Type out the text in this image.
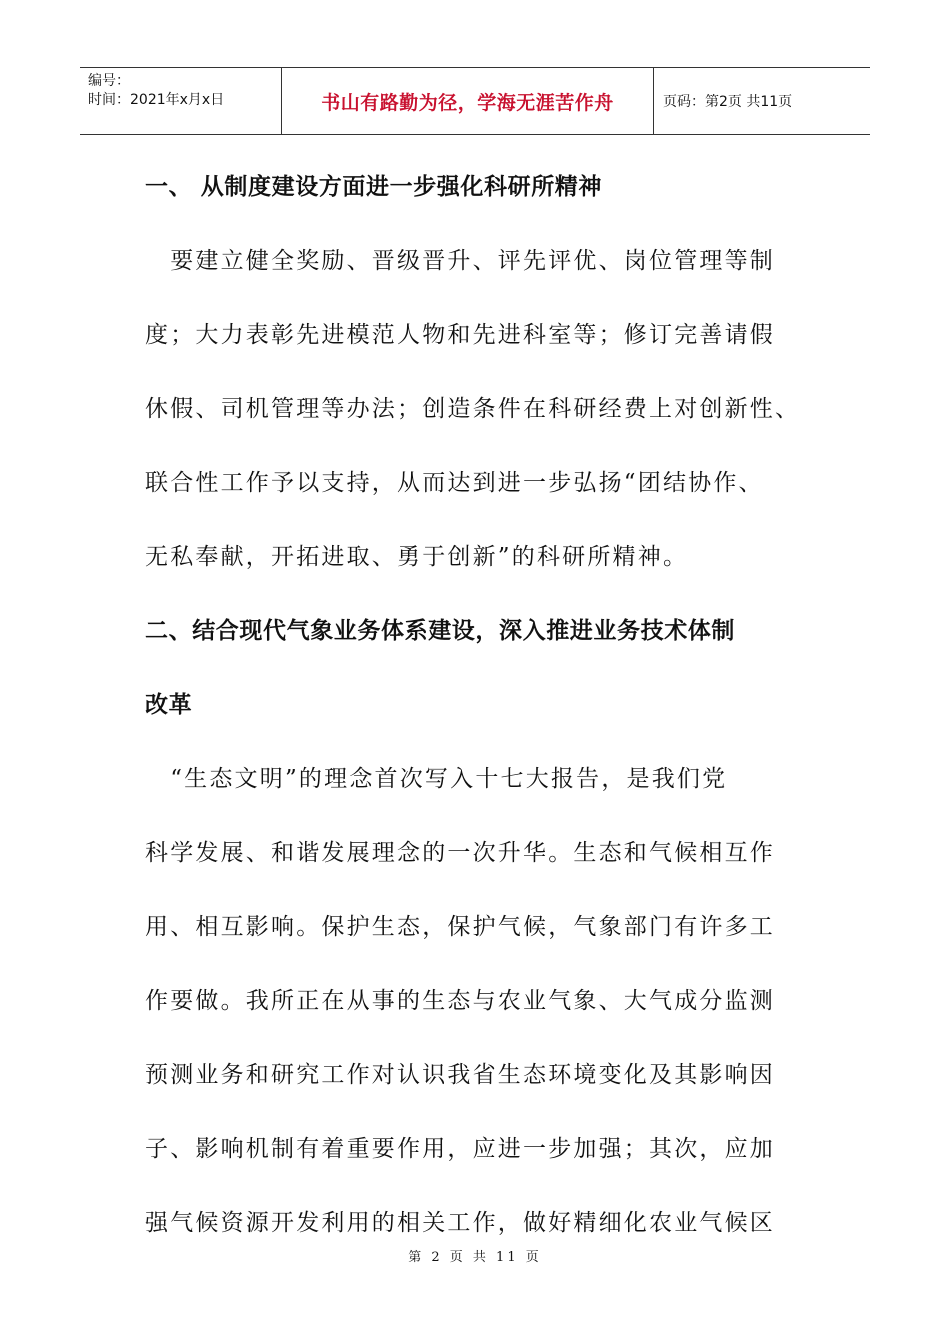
编号：
时间：2021年x月x日	书山有路勤为径，学海无涯苦作舟	页码：第2页 共11页

一、 从制度建设方面进一步强化科研所精神

　要建立健全奖励、晋级晋升、评先评优、岗位管理等制
度；大力表彰先进模范人物和先进科室等；修订完善请假
休假、司机管理等办法；创造条件在科研经费上对创新性、
联合性工作予以支持，从而达到进一步弘扬“团结协作、
无私奉献，开拓进取、勇于创新”的科研所精神。

二、结合现代气象业务体系建设，深入推进业务技术体制
改革

　“生态文明”的理念首次写入十七大报告，是我们党
科学发展、和谐发展理念的一次升华。生态和气候相互作
用、相互影响。保护生态，保护气候，气象部门有许多工
作要做。我所正在从事的生态与农业气象、大气成分监测
预测业务和研究工作对认识我省生态环境变化及其影响因
子、影响机制有着重要作用，应进一步加强；其次，应加
强气候资源开发利用的相关工作，做好精细化农业气候区

第 2 页 共 11 页
